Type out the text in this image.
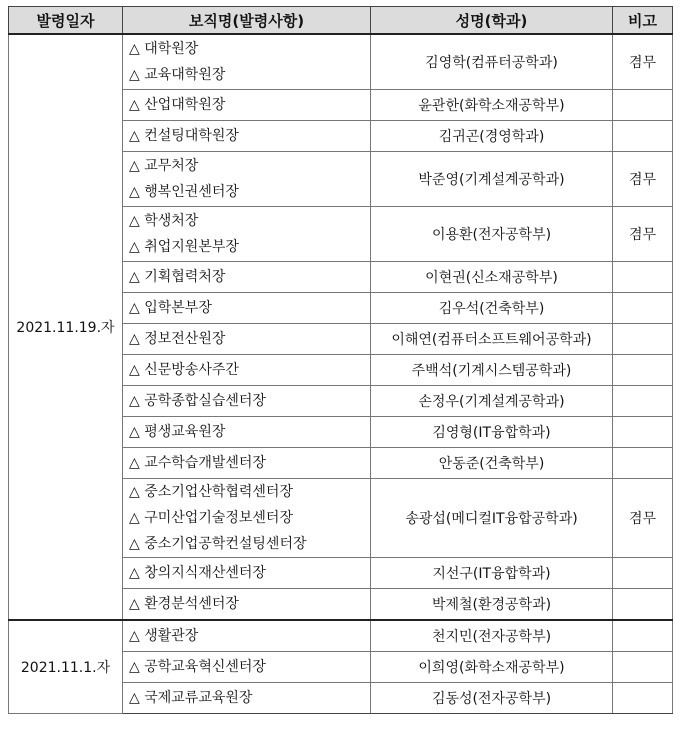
발령일자	보직명(발령사항)	성명(학과)	비고
2021.11.19.자	△ 대학원장
△ 교육대학원장	김영학(컴퓨터공학과)	겸무

	△ 산업대학원장	윤관한(화학소재공학부)	

	△ 컨설팅대학원장	김귀곤(경영학과)	

	△ 교무처장
△ 행복인권센터장	박준영(기계설계공학과)	겸무

	△ 학생처장
△ 취업지원본부장	이용환(전자공학부)	겸무

	△ 기획협력처장	이현권(신소재공학부)	

	△ 입학본부장	김우석(건축학부)	

	△ 정보전산원장	이해연(컴퓨터소프트웨어공학과)	

	△ 신문방송사주간	주백석(기계시스템공학과)	

	△ 공학종합실습센터장	손정우(기계설계공학과)	

	△ 평생교육원장	김영형(IT융합학과)	

	△ 교수학습개발센터장	안동준(건축학부)	

	△ 중소기업산학협력센터장
△ 구미산업기술정보센터장
△ 중소기업공학컨설팅센터장	송광섭(메디컬IT융합공학과)	겸무

	△ 창의지식재산센터장	지선구(IT융합학과)	

	△ 환경분석센터장	박제철(환경공학과)	
2021.11.1.자	△ 생활관장	천지민(전자공학부)	

	△ 공학교육혁신센터장	이희영(화학소재공학부)	

	△ 국제교류교육원장	김동성(전자공학부)	
